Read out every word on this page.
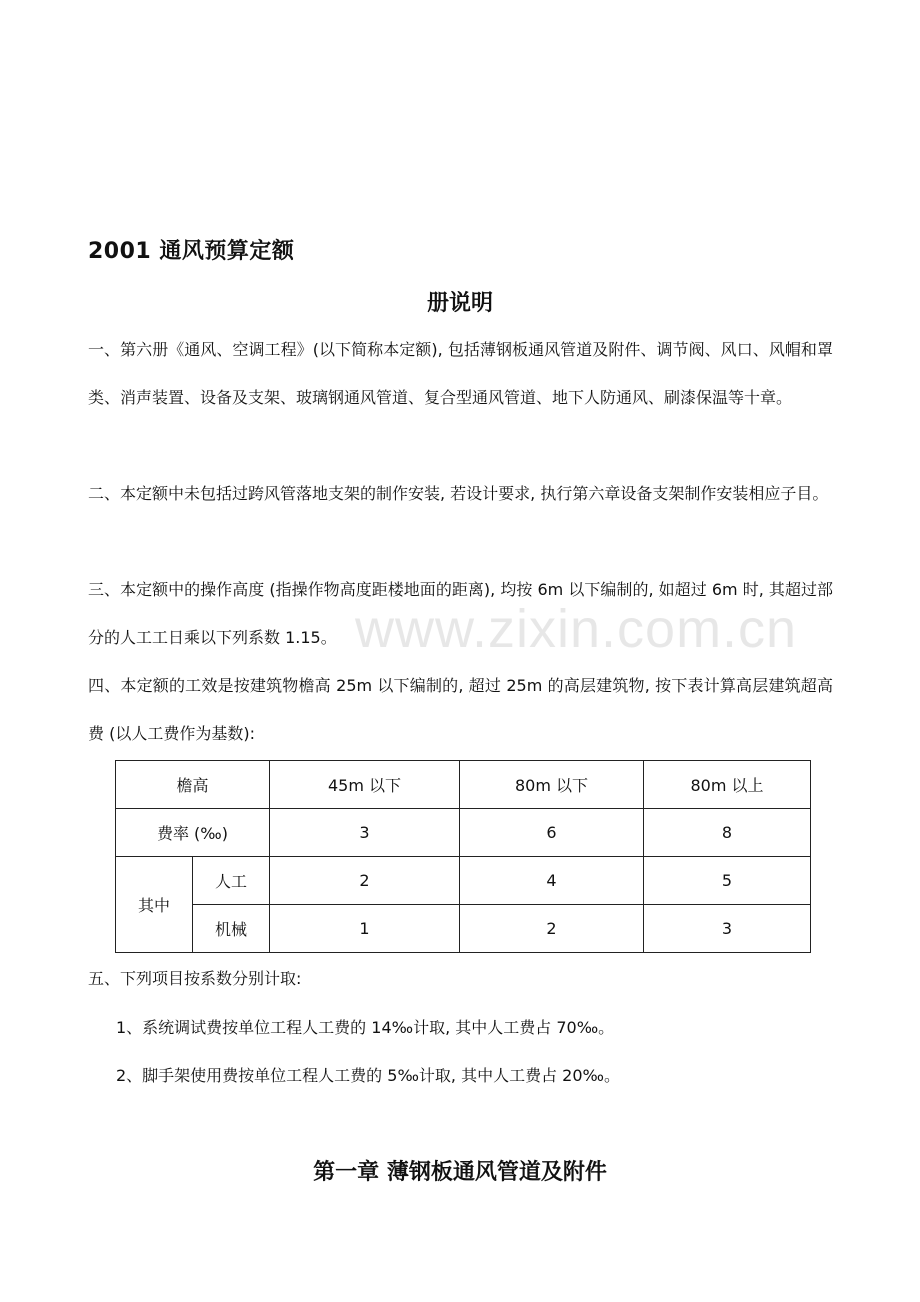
2001 通风预算定额
册说明
一、第六册《通风、空调工程》(以下简称本定额), 包括薄钢板通风管道及附件、调节阀、风口、风帽和罩类、消声装置、设备及支架、玻璃钢通风管道、复合型通风管道、地下人防通风、刷漆保温等十章。
二、本定额中未包括过跨风管落地支架的制作安装, 若设计要求, 执行第六章设备支架制作安装相应子目。
三、本定额中的操作高度 (指操作物高度距楼地面的距离), 均按 6m 以下编制的, 如超过 6m 时, 其超过部分的人工工日乘以下列系数 1.15。
四、本定额的工效是按建筑物檐高 25m 以下编制的, 超过 25m 的高层建筑物, 按下表计算高层建筑超高费 (以人工费作为基数):
www.zixin.com.cn
檐高		45m 以下	80m 以下	80m 以上
费率 (‰)		3	6	8
其中	人工	2	4	5
	机械	1	2	3
五、下列项目按系数分别计取:
1、系统调试费按单位工程人工费的 14‰计取, 其中人工费占 70‰。
2、脚手架使用费按单位工程人工费的 5‰计取, 其中人工费占 20‰。
第一章 薄钢板通风管道及附件
